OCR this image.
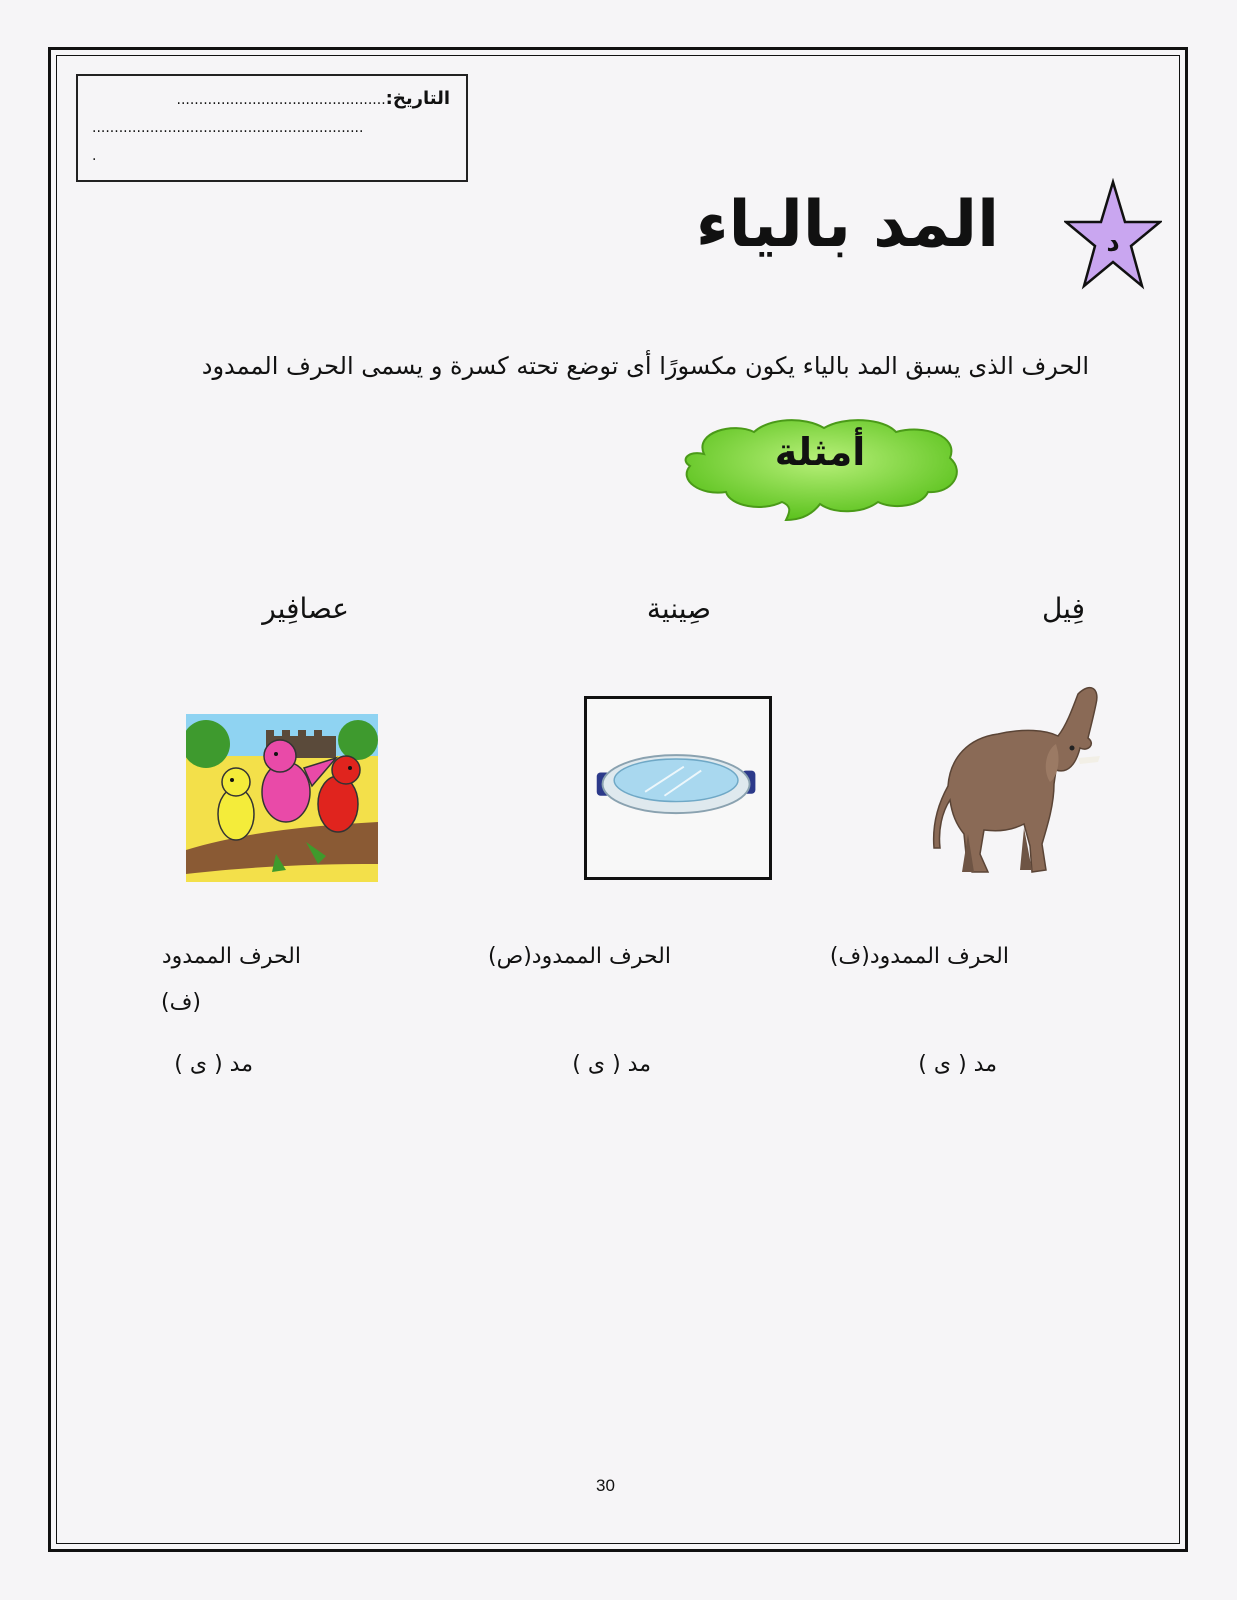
التاريخ:...............................................
.............................................................
.
د
المد بالياء
الحرف الذى يسبق المد بالياء يكون مكسورًا أى توضع تحته كسرة و يسمى الحرف الممدود
أمثلة
فِيل
صِينية
عصافِير
الحرف الممدود(ف)
الحرف الممدود(ص)
الحرف الممدود
(ف)
مد ( ى )
مد ( ى )
مد ( ى )
30
